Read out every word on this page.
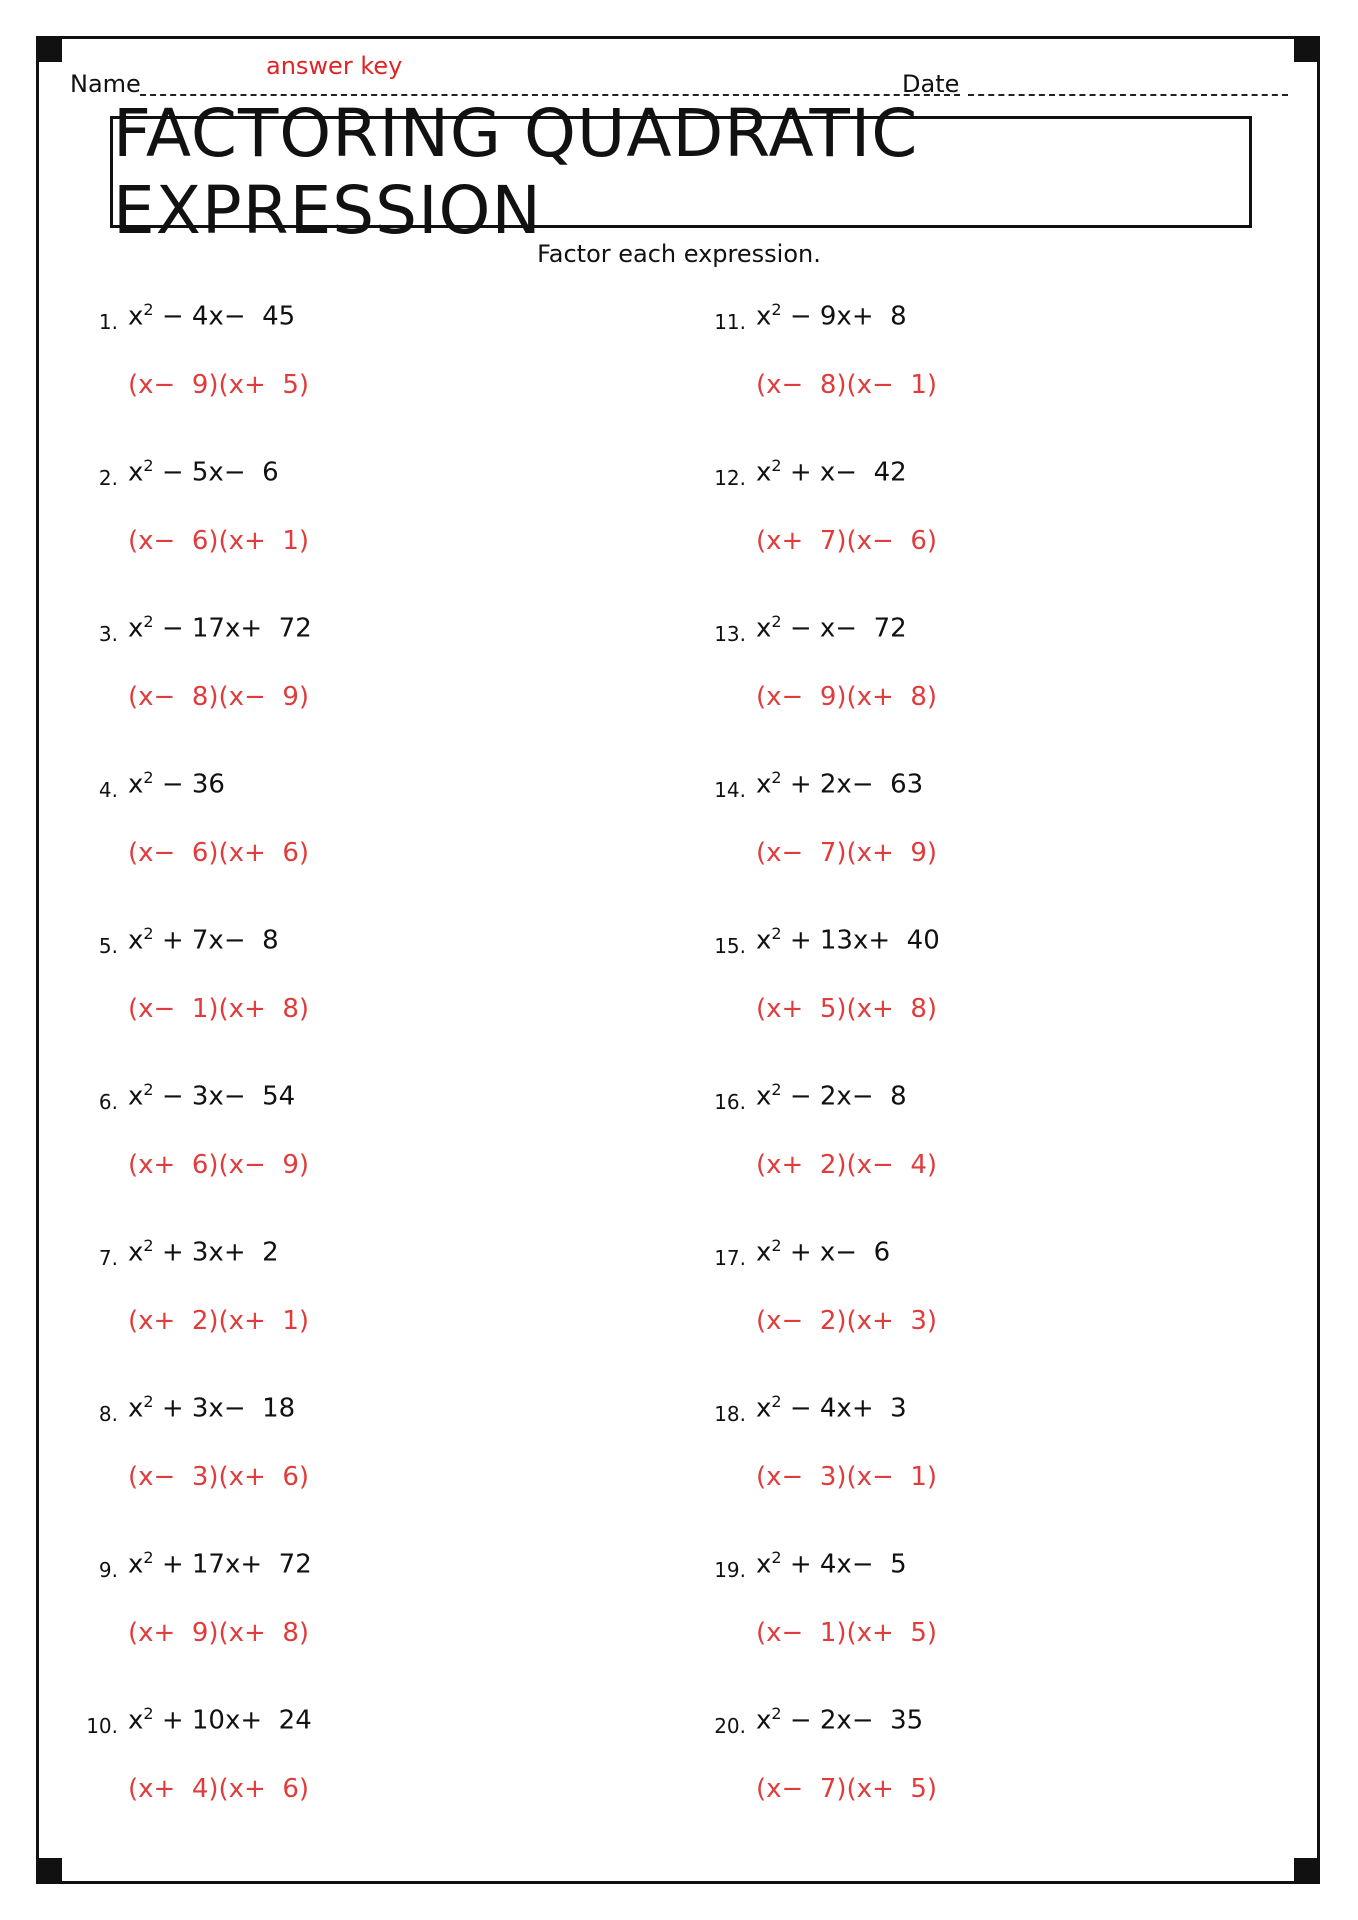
Name
answer key
Date
FACTORING QUADRATIC EXPRESSION
Factor each expression.
1. $x^2 - 4x- 45$
(x−  9)(x+  5)
2. $x^2 - 5x- 6$
(x−  6)(x+  1)
3. $x^2 - 17x+ 72$
(x−  8)(x−  9)
4. $x^2 - 36$
(x−  6)(x+  6)
5. $x^2 + 7x- 8$
(x−  1)(x+  8)
6. $x^2 - 3x- 54$
(x+  6)(x−  9)
7. $x^2 + 3x+ 2$
(x+  2)(x+  1)
8. $x^2 + 3x- 18$
(x−  3)(x+  6)
9. $x^2 + 17x+ 72$
(x+  9)(x+  8)
10. $x^2 + 10x+ 24$
(x+  4)(x+  6)
11. $x^2 - 9x+ 8$
(x−  8)(x−  1)
12. $x^2 + x- 42$
(x+  7)(x−  6)
13. $x^2 - x- 72$
(x−  9)(x+  8)
14. $x^2 + 2x- 63$
(x−  7)(x+  9)
15. $x^2 + 13x+ 40$
(x+  5)(x+  8)
16. $x^2 - 2x- 8$
(x+  2)(x−  4)
17. $x^2 + x- 6$
(x−  2)(x+  3)
18. $x^2 - 4x+ 3$
(x−  3)(x−  1)
19. $x^2 + 4x- 5$
(x−  1)(x+  5)
20. $x^2 - 2x- 35$
(x−  7)(x+  5)
